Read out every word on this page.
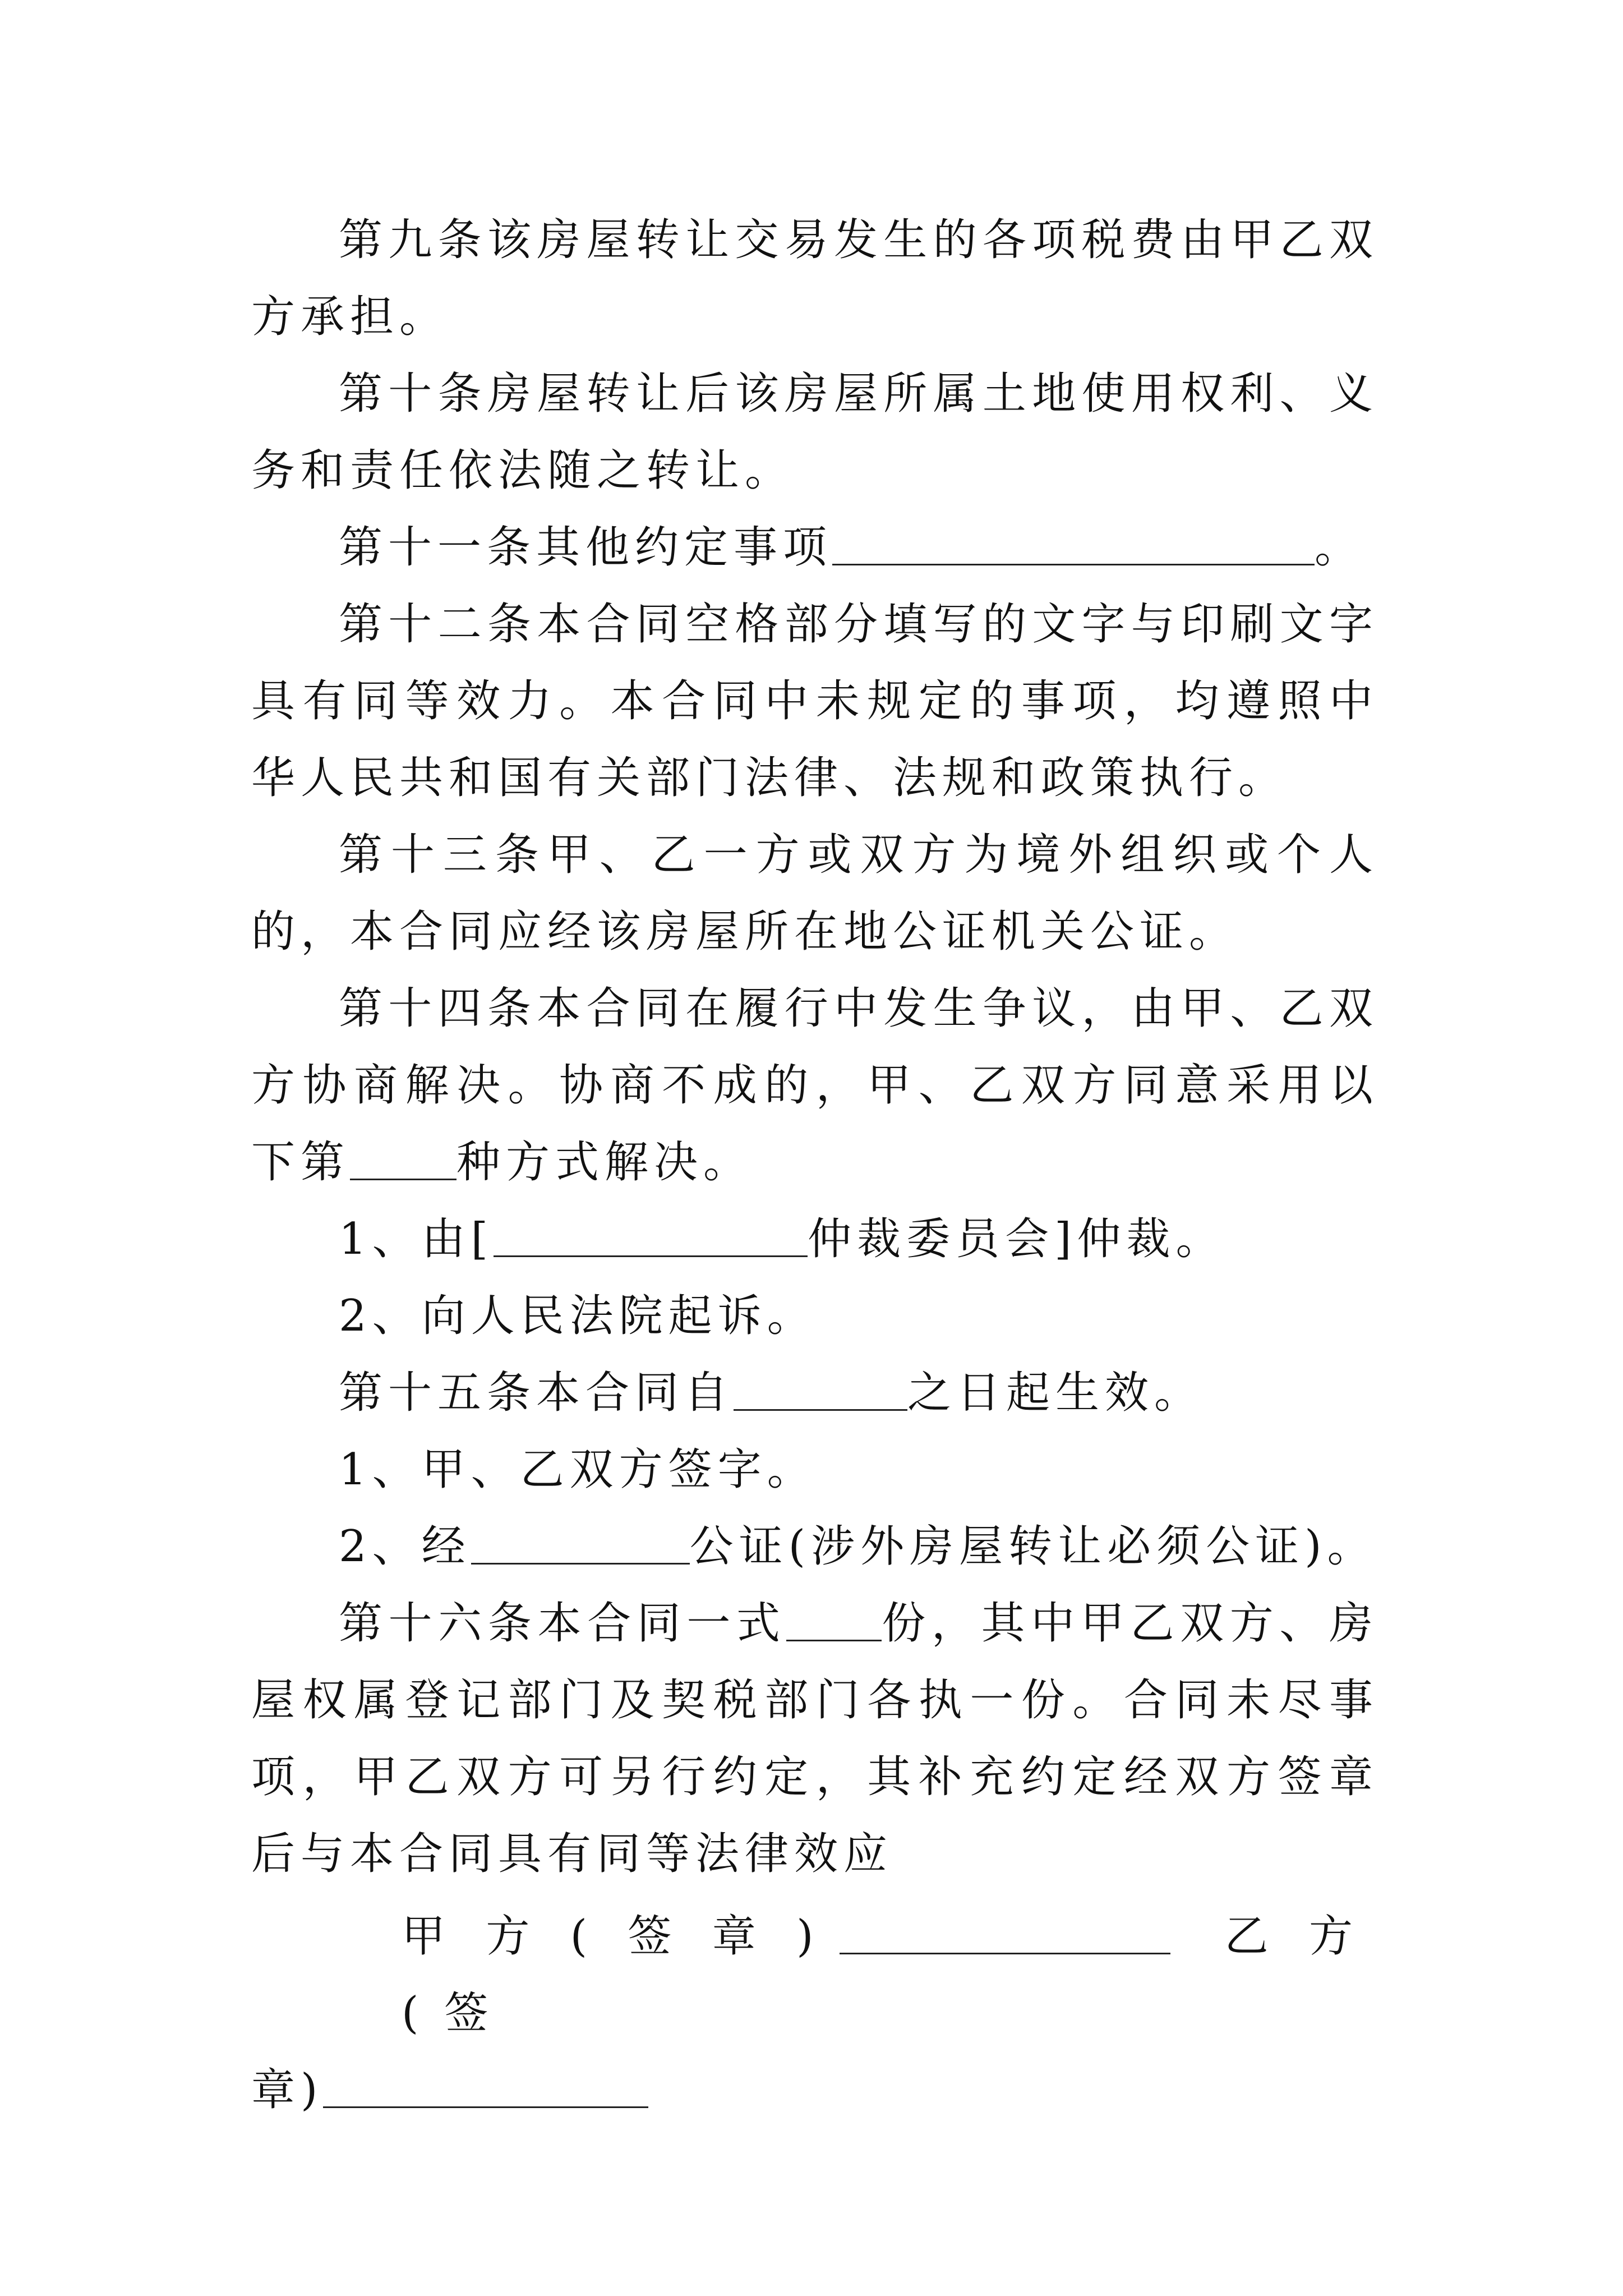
第九条该房屋转让交易发生的各项税费由甲乙双方承担。

第十条房屋转让后该房屋所属土地使用权利、义务和责任依法随之转让。

第十一条其他约定事项	。

第十二条本合同空格部分填写的文字与印刷文字具有同等效力。本合同中未规定的事项，均遵照中华人民共和国有关部门法律、法规和政策执行。

第十三条甲、乙一方或双方为境外组织或个人的，本合同应经该房屋所在地公证机关公证。

第十四条本合同在履行中发生争议，由甲、乙双方协商解决。协商不成的，甲、乙双方同意采用以下第 种方式解决。

1、由[	仲裁委员会]仲裁。

2、向人民法院起诉。

第十五条本合同自	之日起生效。

1、甲、乙双方签字。

2、经	公证(涉外房屋转让必须公证)。

第十六条本合同一式 份，其中甲乙双方、房屋权属登记部门及契税部门各执一份。合同未尽事项，甲乙双方可另行约定，其补充约定经双方签章后与本合同具有同等法律效应

甲方(签章)	乙方(签

章)
